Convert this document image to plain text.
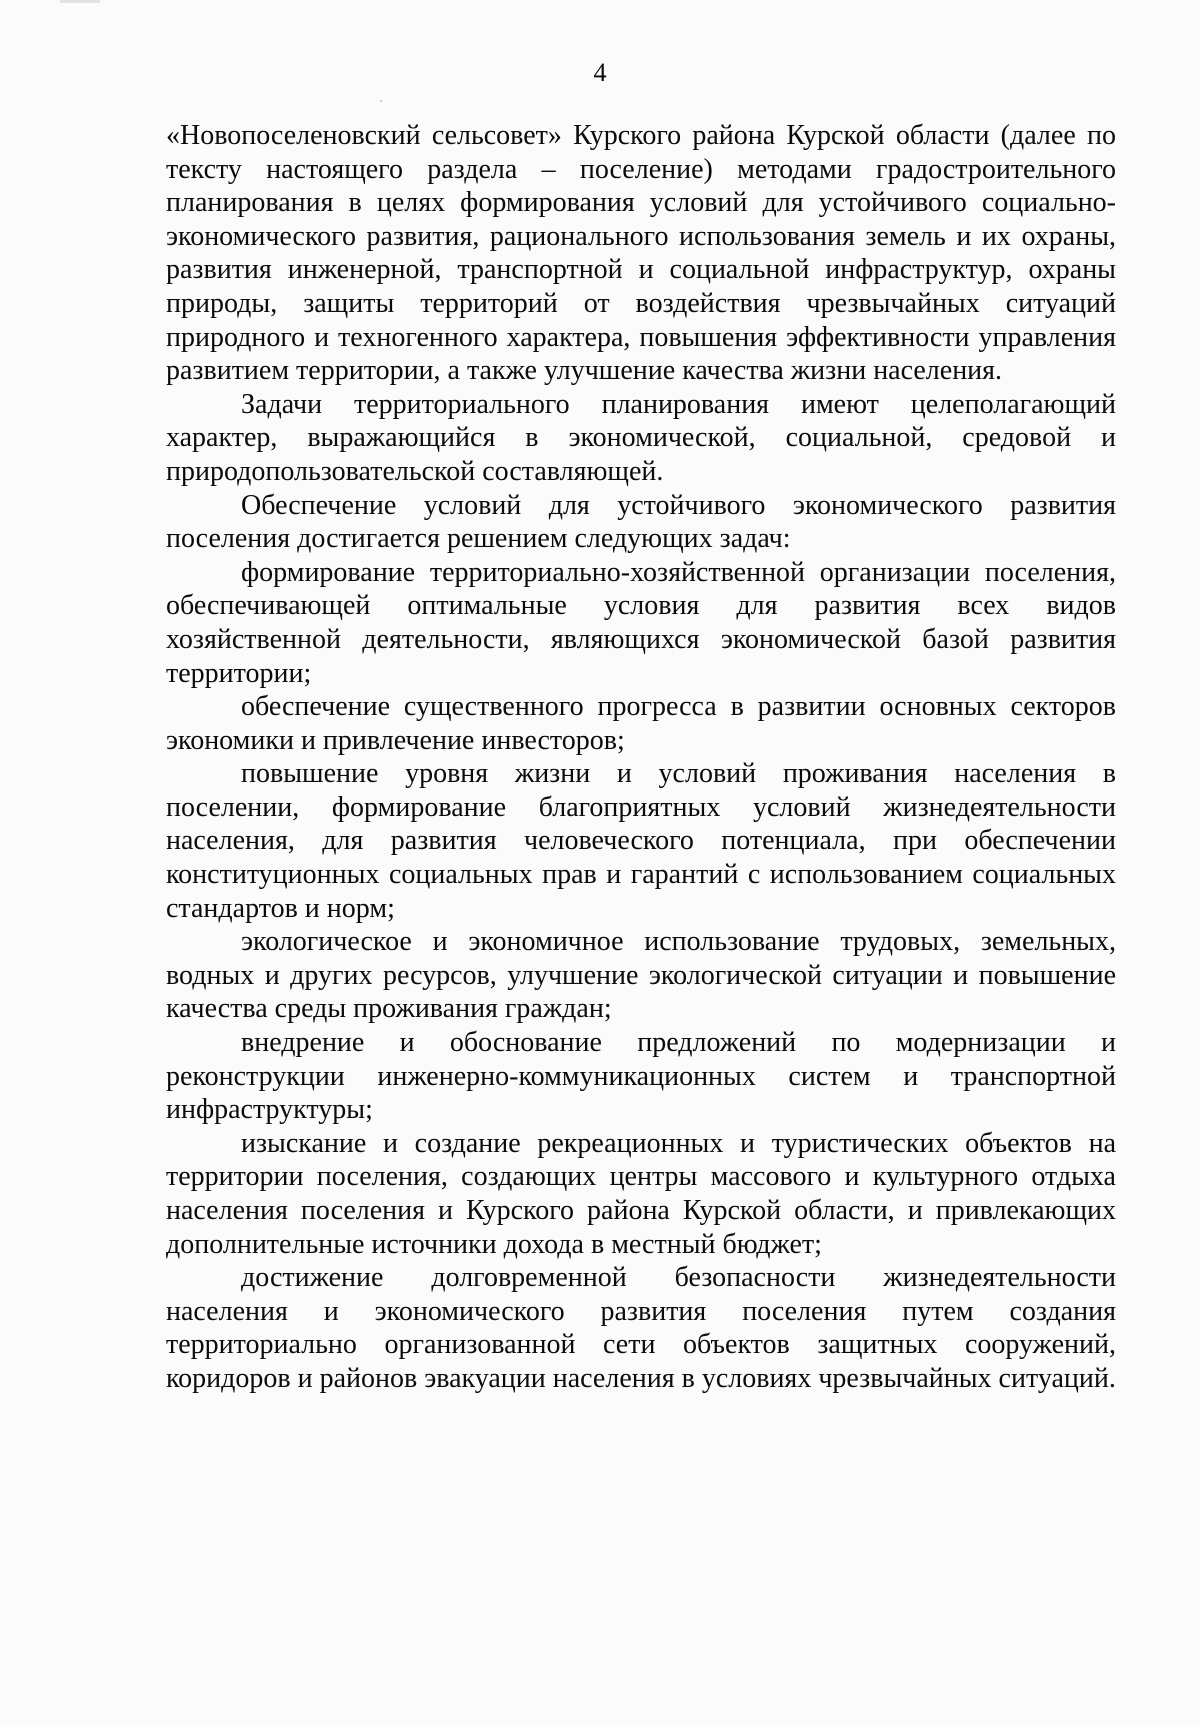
4

«Новопоселеновский сельсовет» Курского района Курской области (далее по тексту настоящего раздела – поселение) методами градостроительного планирования в целях формирования условий для устойчивого социально-экономического развития, рационального использования земель и их охраны, развития инженерной, транспортной и социальной инфраструктур, охраны природы, защиты территорий от воздействия чрезвычайных ситуаций природного и техногенного характера, повышения эффективности управления развитием территории, а также улучшение качества жизни населения.

Задачи территориального планирования имеют целеполагающий характер, выражающийся в экономической, социальной, средовой и природопользовательской составляющей.

Обеспечение условий для устойчивого экономического развития поселения достигается решением следующих задач:

формирование территориально-хозяйственной организации поселения, обеспечивающей оптимальные условия для развития всех видов хозяйственной деятельности, являющихся экономической базой развития территории;

обеспечение существенного прогресса в развитии основных секторов экономики и привлечение инвесторов;

повышение уровня жизни и условий проживания населения в поселении, формирование благоприятных условий жизнедеятельности населения, для развития человеческого потенциала, при обеспечении конституционных социальных прав и гарантий с использованием социальных стандартов и норм;

экологическое и экономичное использование трудовых, земельных, водных и других ресурсов, улучшение экологической ситуации и повышение качества среды проживания граждан;

внедрение и обоснование предложений по модернизации и реконструкции инженерно-коммуникационных систем и транспортной инфраструктуры;

изыскание и создание рекреационных и туристических объектов на территории поселения, создающих центры массового и культурного отдыха населения поселения и Курского района Курской области, и привлекающих дополнительные источники дохода в местный бюджет;

достижение долговременной безопасности жизнедеятельности населения и экономического развития поселения путем создания территориально организованной сети объектов защитных сооружений, коридоров и районов эвакуации населения в условиях чрезвычайных ситуаций.
